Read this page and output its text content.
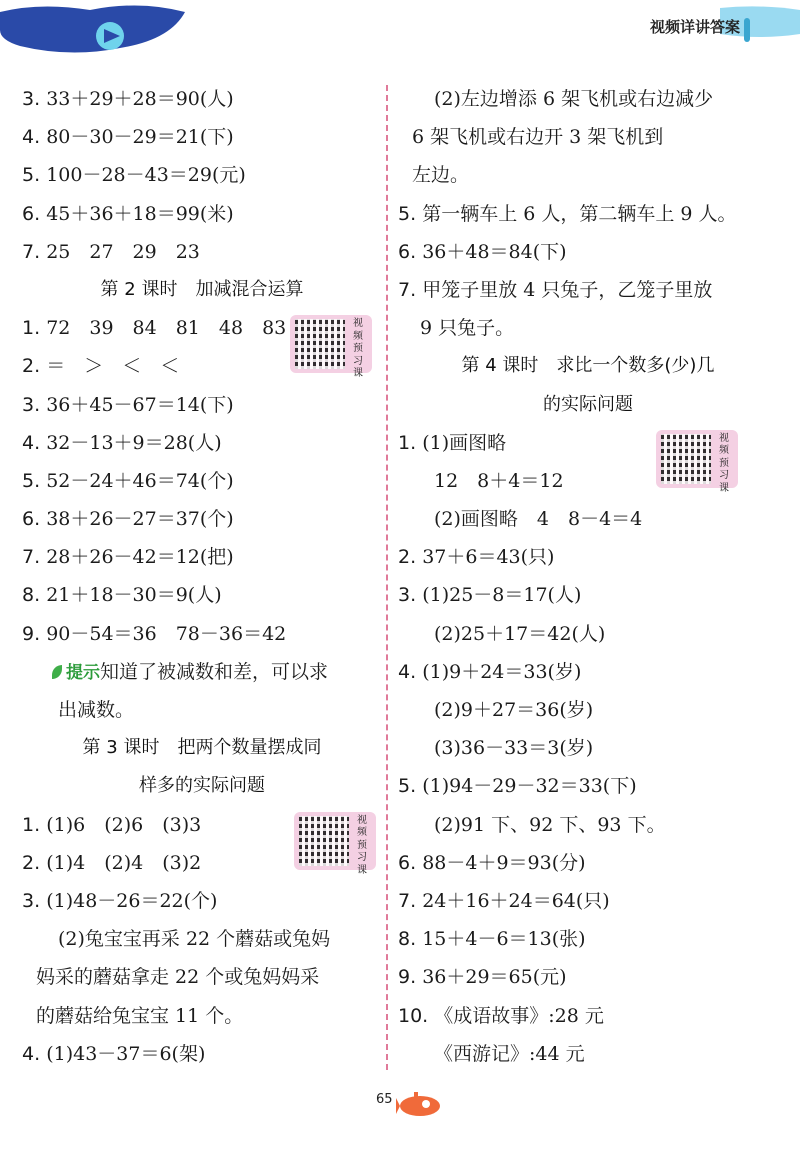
视频详讲答案
3. 33＋29＋28＝90(人)
4. 80－30－29＝21(下)
5. 100－28－43＝29(元)
6. 45＋36＋18＝99(米)
7. 25　27　29　23
第 2 课时　加减混合运算
1. 72　39　84　81　48　83
2. ＝　＞　＜　＜
3. 36＋45－67＝14(下)
4. 32－13＋9＝28(人)
5. 52－24＋46＝74(个)
6. 38＋26－27＝37(个)
7. 28＋26－42＝12(把)
8. 21＋18－30＝9(人)
9. 90－54＝36　78－36＝42
视
频
预
习
课
提示知道了被减数和差，可以求
出减数。
第 3 课时　把两个数量摆成同
样多的实际问题
1. (1)6　(2)6　(3)3
2. (1)4　(2)4　(3)2
3. (1)48－26＝22(个)
(2)兔宝宝再采 22 个蘑菇或兔妈
妈采的蘑菇拿走 22 个或兔妈妈采
的蘑菇给兔宝宝 11 个。
4. (1)43－37＝6(架)
视
频
预
习
课
(2)左边增添 6 架飞机或右边减少
6 架飞机或右边开 3 架飞机到
左边。
5. 第一辆车上 6 人，第二辆车上 9 人。
6. 36＋48＝84(下)
7. 甲笼子里放 4 只兔子，乙笼子里放
9 只兔子。
第 4 课时　求比一个数多(少)几
的实际问题
1. (1)画图略
12　8＋4＝12
(2)画图略　4　8－4＝4
2. 37＋6＝43(只)
3. (1)25－8＝17(人)
(2)25＋17＝42(人)
4. (1)9＋24＝33(岁)
(2)9＋27＝36(岁)
(3)36－33＝3(岁)
5. (1)94－29－32＝33(下)
(2)91 下、92 下、93 下。
6. 88－4＋9＝93(分)
7. 24＋16＋24＝64(只)
8. 15＋4－6＝13(张)
9. 36＋29＝65(元)
10. 《成语故事》:28 元
《西游记》:44 元
视
频
预
习
课
65
